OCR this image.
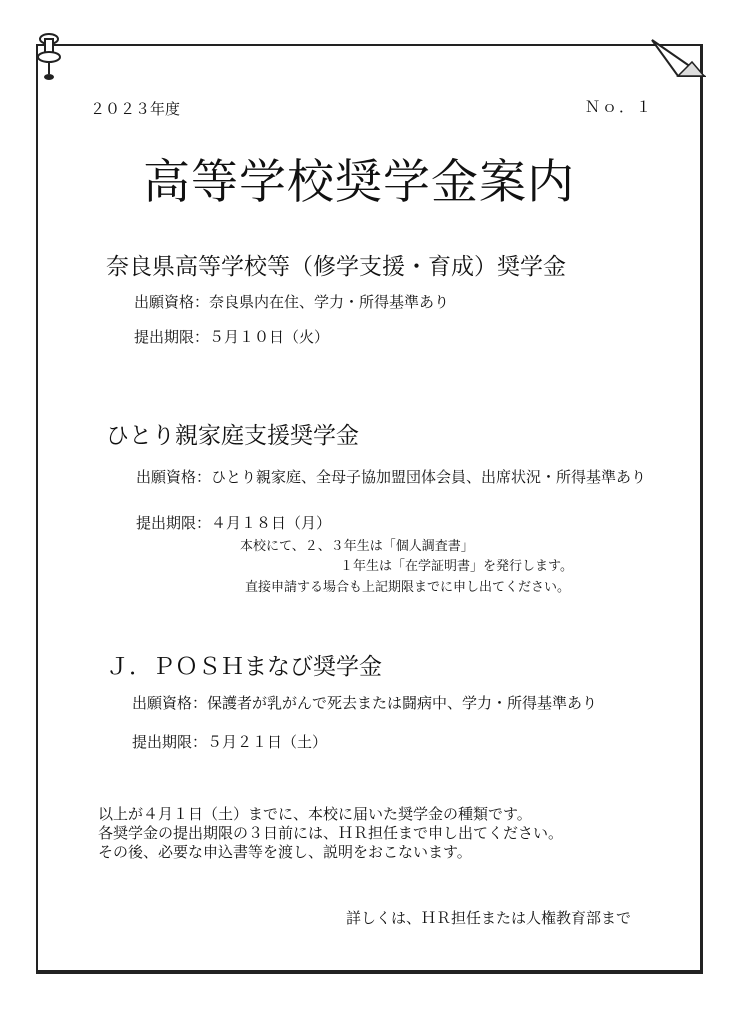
２０２３年度	Ｎｏ．１
高等学校奨学金案内
奈良県高等学校等（修学支援・育成）奨学金
出願資格：奈良県内在住、学力・所得基準あり
提出期限：５月１０日（火）
ひとり親家庭支援奨学金
出願資格：ひとり親家庭、全母子協加盟団体会員、出席状況・所得基準あり
提出期限：４月１８日（月）
本校にて、２、３年生は「個人調査書」
１年生は「在学証明書」を発行します。
直接申請する場合も上記期限までに申し出てください。
Ｊ．ＰＯＳＨまなび奨学金
出願資格：保護者が乳がんで死去または闘病中、学力・所得基準あり
提出期限：５月２１日（土）
以上が４月１日（土）までに、本校に届いた奨学金の種類です。
各奨学金の提出期限の３日前には、ＨＲ担任まで申し出てください。
その後、必要な申込書等を渡し、説明をおこないます。
詳しくは、ＨＲ担任または人権教育部まで
